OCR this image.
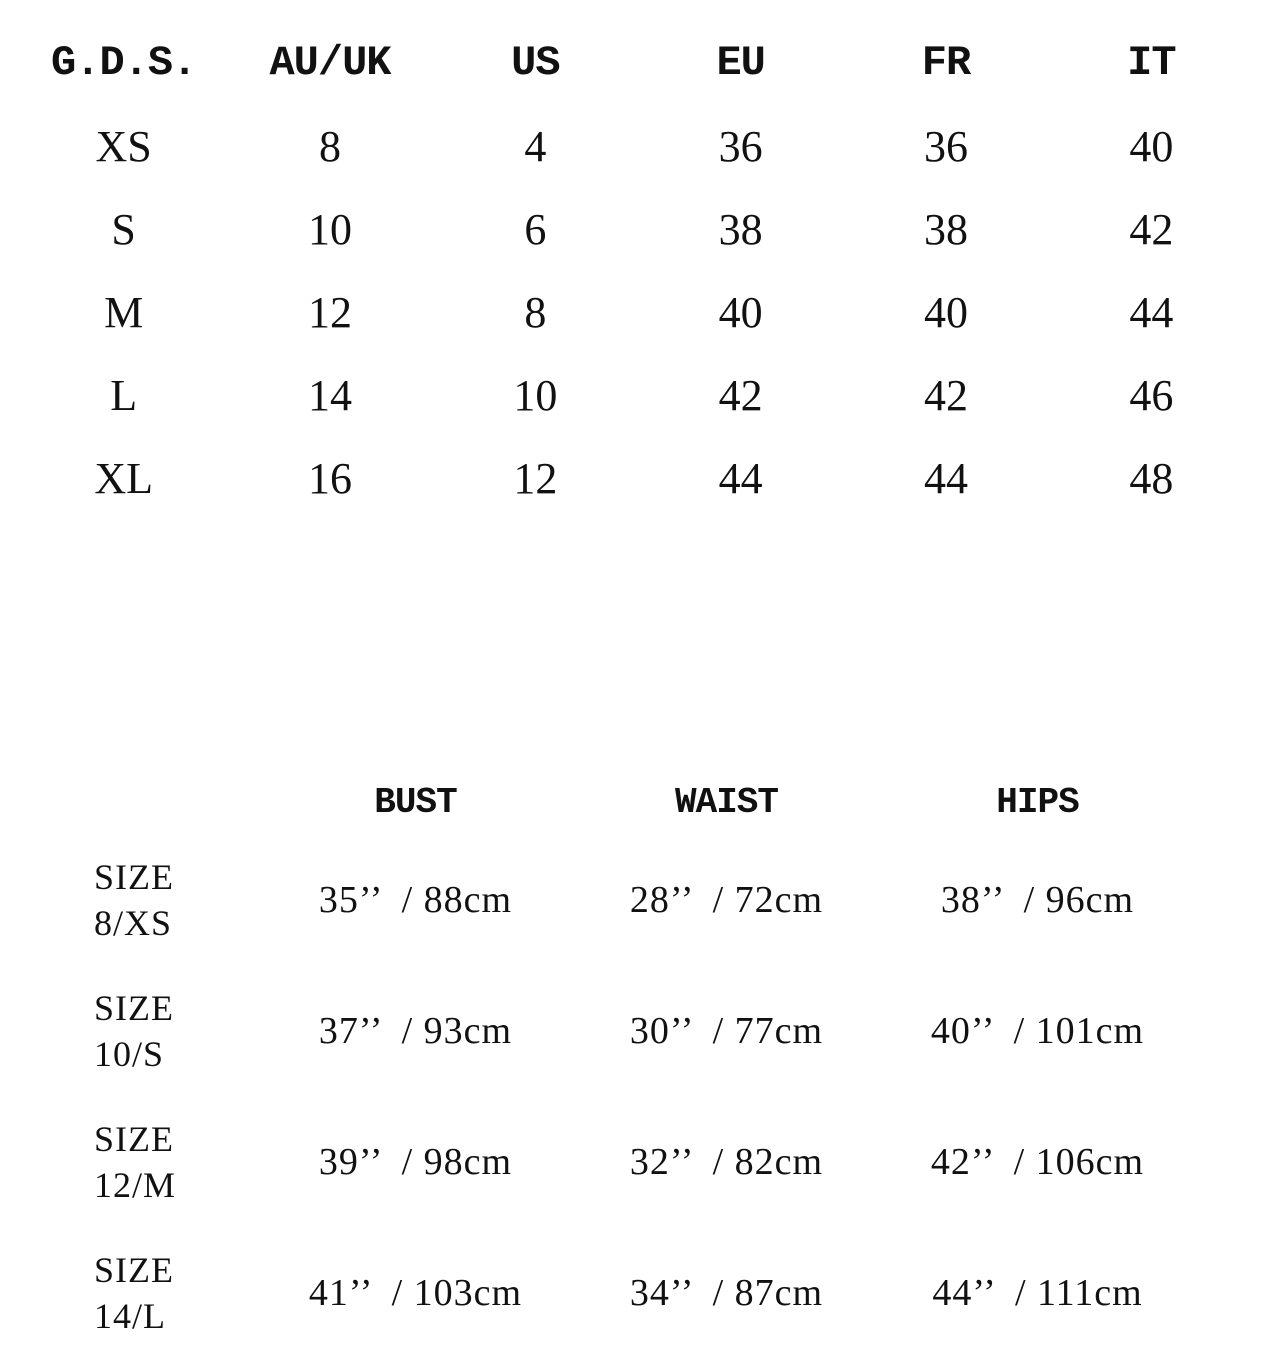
G.D.S.	AU/UK	US	EU	FR	IT
XS	8	4	36	36	40
S	10	6	38	38	42
M	12	8	40	40	44
L	14	10	42	42	46
XL	16	12	44	44	48
BUST	WAIST	HIPS
SIZE
8/XS
35’’  / 88cm	28’’  / 72cm	38’’  / 96cm
SIZE
10/S
37’’  / 93cm	30’’  / 77cm	40’’  / 101cm
SIZE
12/M
39’’  / 98cm	32’’  / 82cm	42’’  / 106cm
SIZE
14/L
41’’  / 103cm	34’’  / 87cm	44’’  / 111cm
